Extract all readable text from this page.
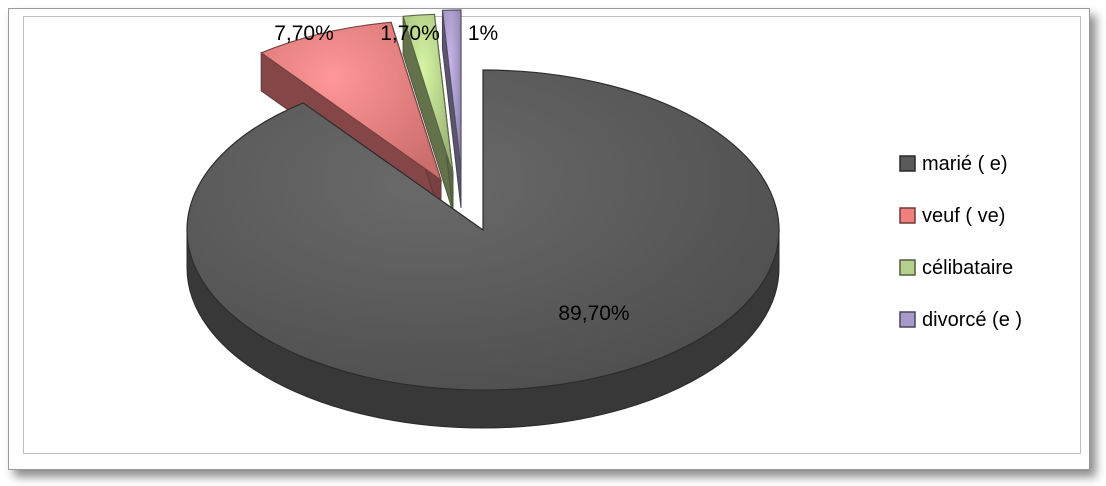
89,70%
7,70% 1,70% 1%
marié ( e)
veuf ( ve)
célibataire
divorcé (e )
